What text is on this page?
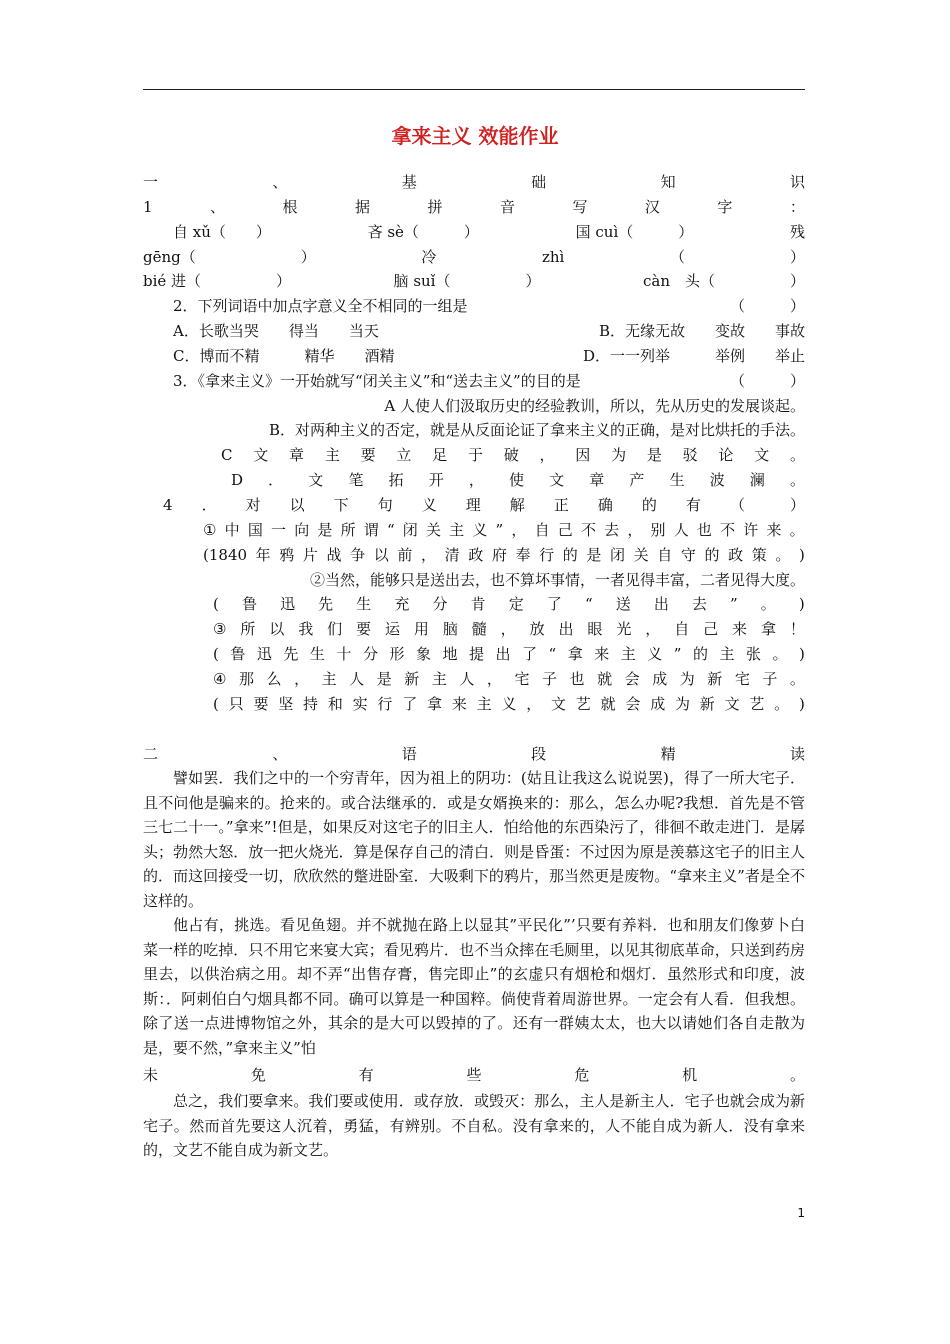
拿来主义 效能作业
一	、	基	础	知	识
1	、	根	据	拼	音	写	汉	字	：
自 xǔ（　　）	吝 sè（　　　）	国 cuì（　　　）	残
gēng（　　　　　　　）	冷	zhì	（　　　　　　　）
bié 进（　　　　　）	脑 suǐ（　　　　　）	càn　头（　　　　　）
2．下列词语中加点字意义全不相同的一组是	（　　　）
A．长歌当哭　　得当　　当天	B．无缘无故　　变故　　事故
C．博而不精　　　精华　　酒精	D．一一列举　　　举例　　举止
3．《拿来主义》一开始就写“闭关主义”和“送去主义”的目的是	（　　　）
A 人使人们汲取历史的经验教训，所以，先从历史的发展谈起。
B．对两种主义的否定，就是从反面论证了拿来主义的正确，是对比烘托的手法。
C 文 章 主 要 立 足 于 破 ， 因 为 是 驳 论 文 。
D ． 文 笔 拓 开 ， 使 文 章 产 生 波 澜 。
4 ． 对 以 下 句 义 理 解 正 确 的 有 （　　　）
① 中 国 一 向 是 所 谓 “ 闭 关 主 义 ” ， 自 己 不 去 ， 别 人 也 不 许 来 。
(1840 年 鸦 片 战 争 以 前 ， 清 政 府 奉 行 的 是 闭 关 自 守 的 政 策 。 )
②当然，能够只是送出去，也不算坏事情，一者见得丰富，二者见得大度。
( 鲁 迅 先 生 充 分 肯 定 了 “ 送 出 去 ” 。 )
③ 所 以 我 们 要 运 用 脑 髓 ， 放 出 眼 光 ， 自 己 来 拿 ！
( 鲁 迅 先 生 十 分 形 象 地 提 出 了 “ 拿 来 主 义 ” 的 主 张 。 )
④ 那 么 ， 主 人 是 新 主 人 ， 宅 子 也 就 会 成 为 新 宅 子 。
( 只 要 坚 持 和 实 行 了 拿 来 主 义 ， 文 艺 就 会 成 为 新 文 艺 。 )
二	、	语	段	精	读

譬如罢．我们之中的一个穷青年，因为祖上的阴功：(姑且让我这么说说罢)，得了一所大宅子．且不问他是骗来的。抢来的。或合法继承的．或是女婿换来的：那么，怎么办呢?我想．首先是不管三七二十一。”拿来”!但是，如果反对这宅子的旧主人．怕给他的东西染污了，徘徊不敢走进门．是孱头；勃然大怒．放一把火烧光．算是保存自己的清白．则是昏蛋：不过因为原是羡慕这宅子的旧主人的．而这回接受一切，欣欣然的蹩进卧室．大吸剩下的鸦片，那当然更是废物。“拿来主义”者是全不这样的。

他占有，挑选。看见鱼翅。并不就抛在路上以显其”平民化”’只要有养料．也和朋友们像萝卜白菜一样的吃掉．只不用它来宴大宾；看见鸦片．也不当众摔在毛厕里，以见其彻底革命，只送到药房里去，以供治病之用。却不弄“出售存膏，售完即止”的玄虚只有烟枪和烟灯．虽然形式和印度，波斯：．阿刺伯白勺烟具都不同。确可以算是一种国粹。倘使背着周游世界。一定会有人看．但我想。除了送一点进博物馆之外，其余的是大可以毁掉的了。还有一群姨太太，也大以请她们各自走散为是，要不然，”拿来主义”怕

未	免	有	些	危	机	。

总之，我们要拿来。我们要或使用．或存放．或毁灭：那么，主人是新主人．宅子也就会成为新宅子。然而首先要这人沉着，勇猛，有辨别。不自私。没有拿来的，人不能自成为新人．没有拿来的，文艺不能自成为新文艺。

1
